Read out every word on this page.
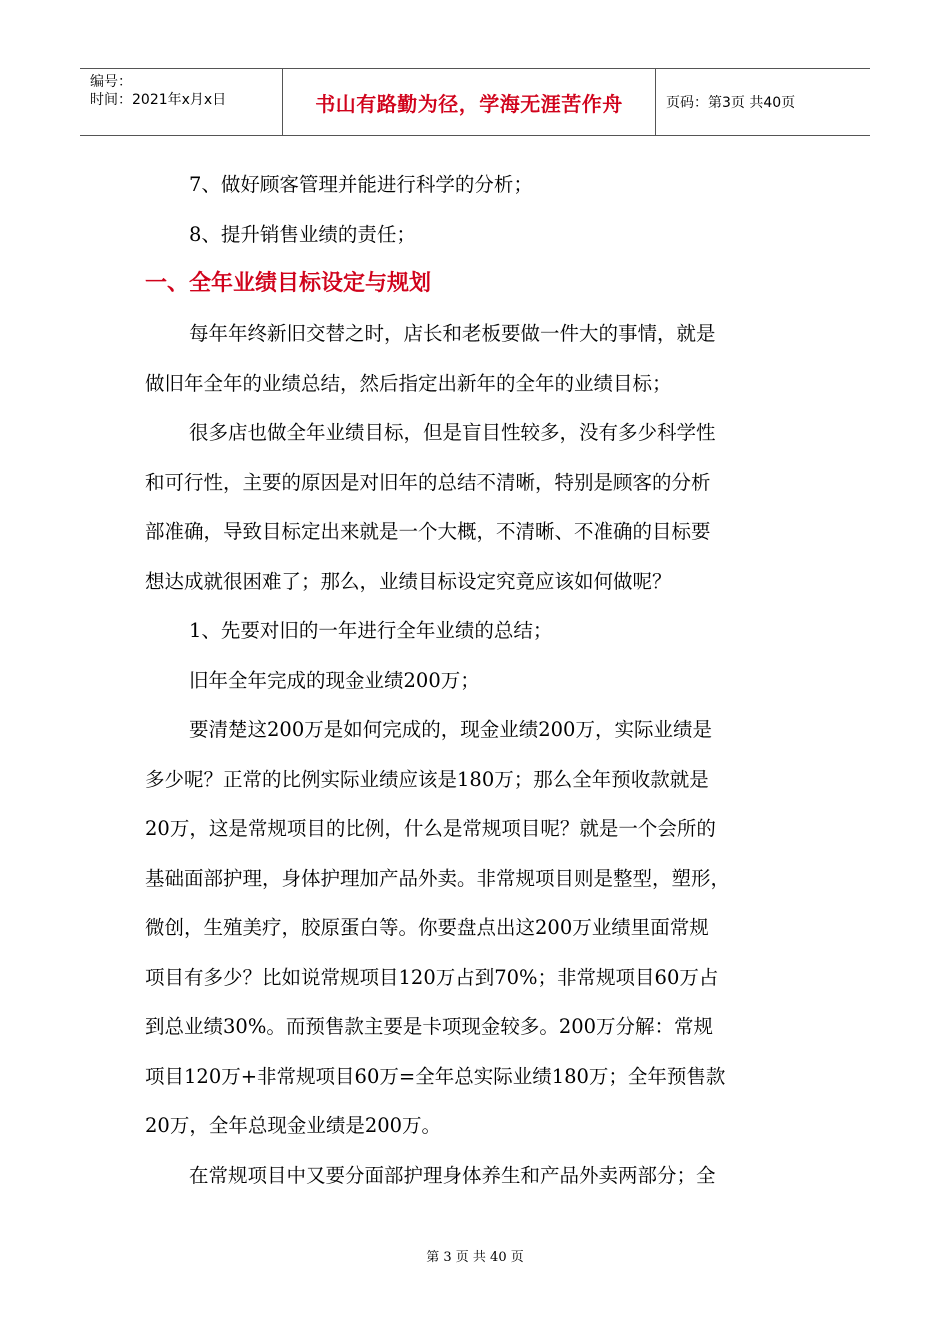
编号：
时间：2021年x月x日	书山有路勤为径，学海无涯苦作舟	页码：第3页 共40页

7、做好顾客管理并能进行科学的分析；

8、提升销售业绩的责任；

一、全年业绩目标设定与规划

每年年终新旧交替之时，店长和老板要做一件大的事情，就是

做旧年全年的业绩总结，然后指定出新年的全年的业绩目标；

很多店也做全年业绩目标，但是盲目性较多，没有多少科学性

和可行性，主要的原因是对旧年的总结不清晰，特别是顾客的分析

部准确，导致目标定出来就是一个大概，不清晰、不准确的目标要

想达成就很困难了；那么，业绩目标设定究竟应该如何做呢？

1、先要对旧的一年进行全年业绩的总结；

旧年全年完成的现金业绩200万；

要清楚这200万是如何完成的，现金业绩200万，实际业绩是

多少呢？正常的比例实际业绩应该是180万；那么全年预收款就是

20万，这是常规项目的比例，什么是常规项目呢？就是一个会所的

基础面部护理，身体护理加产品外卖。非常规项目则是整型，塑形，

微创，生殖美疗，胶原蛋白等。你要盘点出这200万业绩里面常规

项目有多少？比如说常规项目120万占到70%；非常规项目60万占

到总业绩30%。而预售款主要是卡项现金较多。200万分解：常规

项目120万+非常规项目60万=全年总实际业绩180万；全年预售款

20万，全年总现金业绩是200万。

在常规项目中又要分面部护理身体养生和产品外卖两部分；全

第 3 页 共 40 页
